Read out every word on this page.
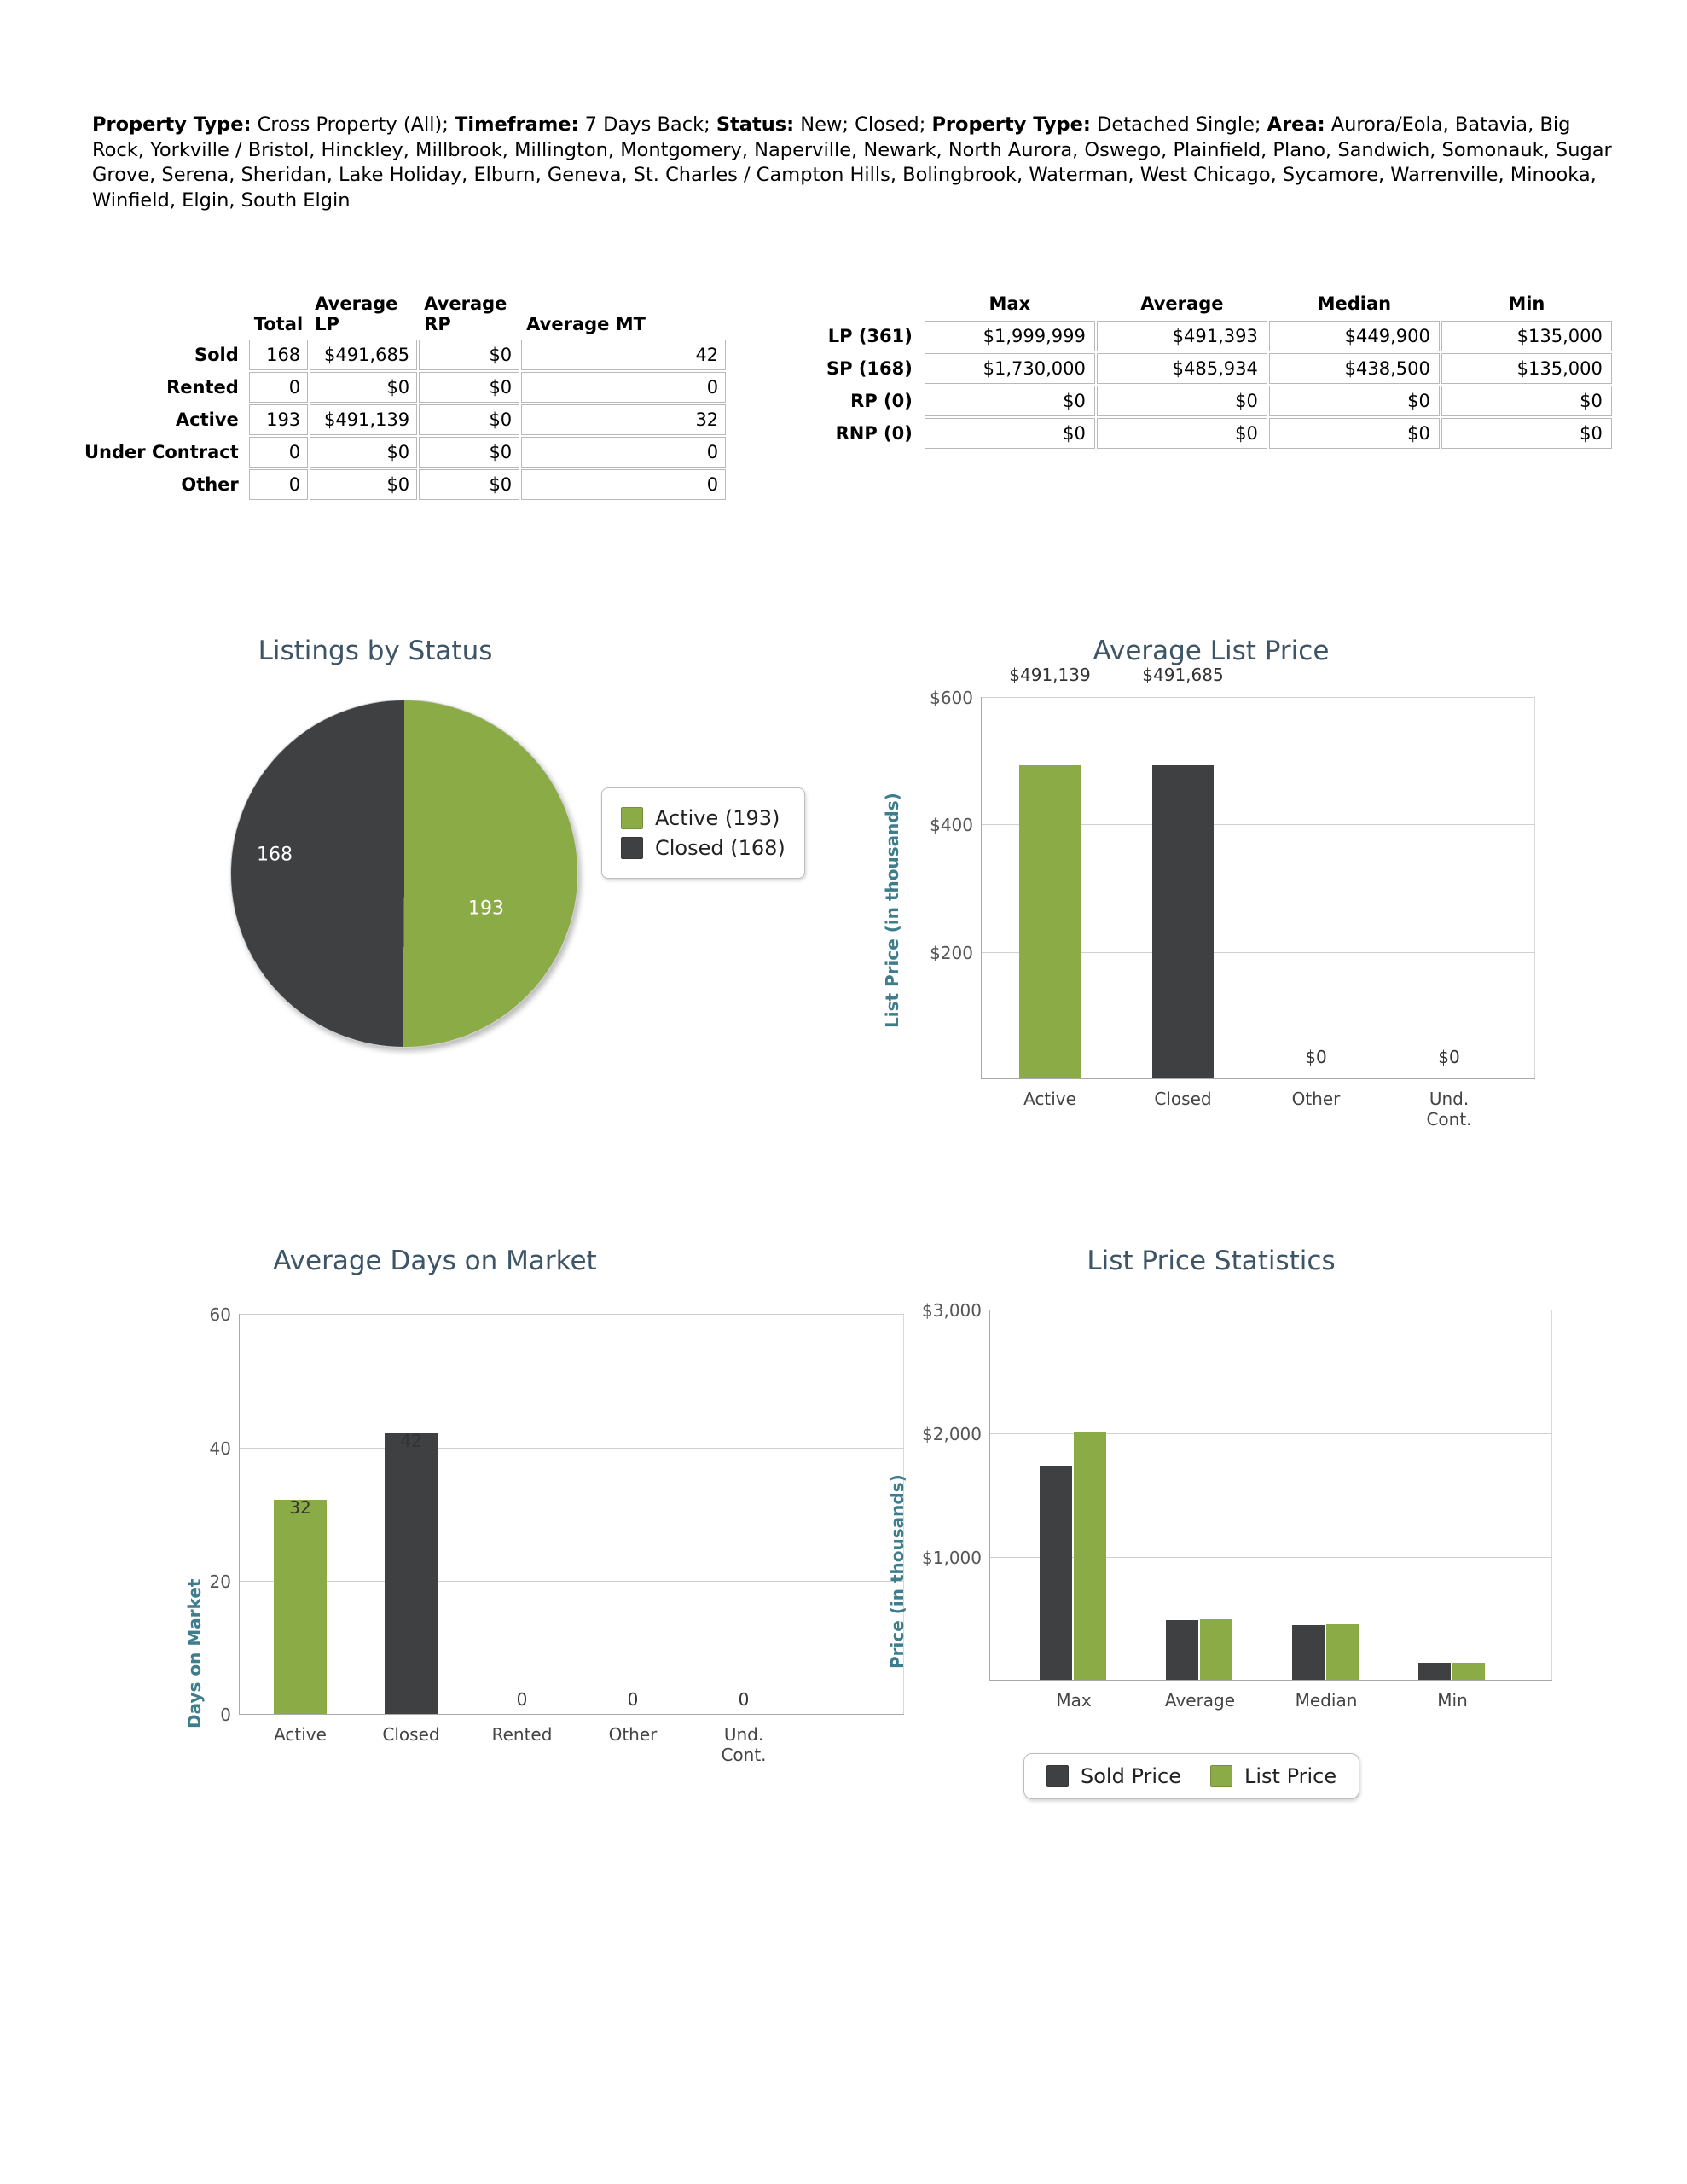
Property Type: Cross Property (All); Timeframe: 7 Days Back; Status: New; Closed; Property Type: Detached Single; Area: Aurora/Eola, Batavia, Big Rock, Yorkville / Bristol, Hinckley, Millbrook, Millington, Montgomery, Naperville, Newark, North Aurora, Oswego, Plainfield, Plano, Sandwich, Somonauk, Sugar Grove, Serena, Sheridan, Lake Holiday, Elburn, Geneva, St. Charles / Campton Hills, Bolingbrook, Waterman, West Chicago, Sycamore, Warrenville, Minooka, Winfield, Elgin, South Elgin
	Total	Average LP	Average RP	Average MT
Sold	168	$491,685	$0	42
Rented	0	$0	$0	0
Active	193	$491,139	$0	32
Under Contract	0	$0	$0	0
Other	0	$0	$0	0
	Max	Average	Median	Min
LP (361)	$1,999,999	$491,393	$449,900	$135,000
SP (168)	$1,730,000	$485,934	$438,500	$135,000
RP (0)	$0	$0	$0	$0
RNP (0)	$0	$0	$0	$0
Listings by Status
193
168
Active (193)
Closed (168)
Average List Price
List Price (in thousands)
$600
$400
$200
$491,139	$491,685
$0	$0
Active	Closed	Other	Und.
Cont.
Average Days on Market
Days on Market
60
40
20
0
32
42
0	0	0
Active	Closed	Rented	Other	Und.
Cont.
List Price Statistics
Price (in thousands)
$3,000
$2,000
$1,000
Max	Average	Median	Min
Sold Price	List Price
